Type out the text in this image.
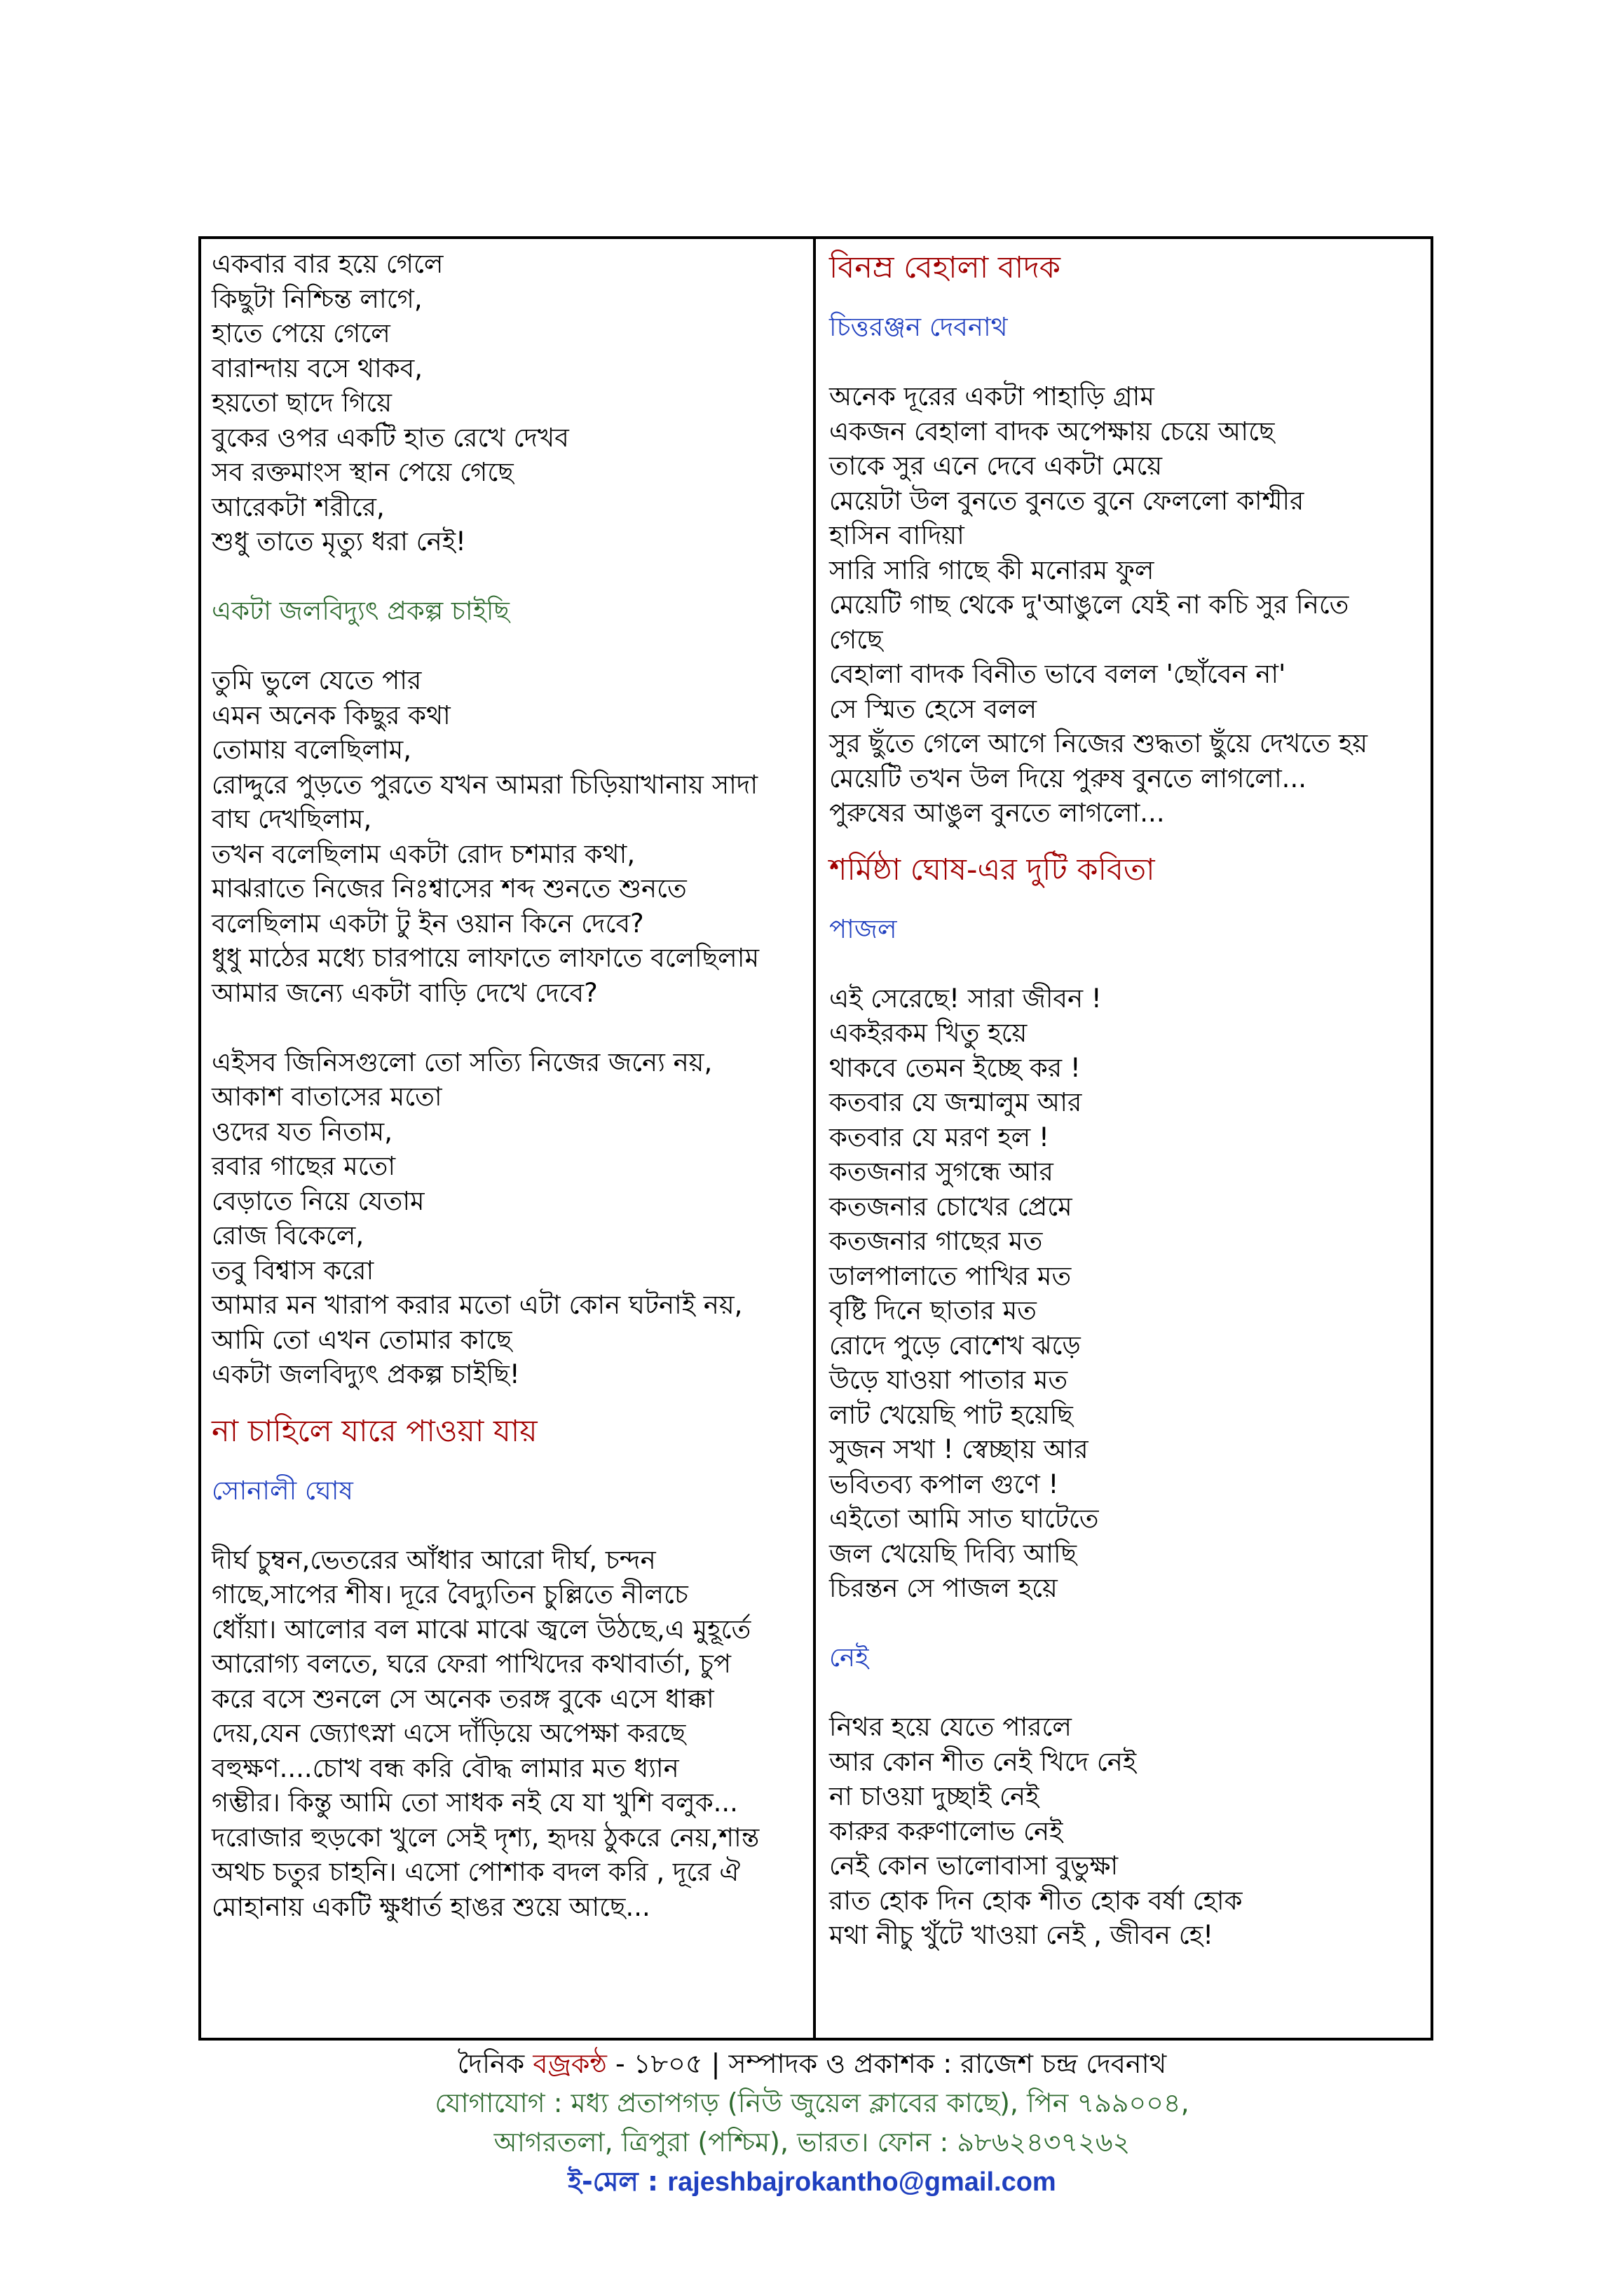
একবার বার হয়ে গেলে
কিছুটা নিশ্চিন্ত লাগে,
হাতে পেয়ে গেলে
বারান্দায় বসে থাকব,
হয়তো ছাদে গিয়ে
বুকের ওপর একটি হাত রেখে দেখব
সব রক্তমাংস স্থান পেয়ে গেছে
আরেকটা শরীরে,
শুধু তাতে মৃত্যু ধরা নেই!
একটা জলবিদ্যুৎ প্রকল্প চাইছি
তুমি ভুলে যেতে পার
এমন অনেক কিছুর কথা
তোমায় বলেছিলাম,
রোদ্দুরে পুড়তে পুরতে যখন আমরা চিড়িয়াখানায় সাদা
বাঘ দেখছিলাম,
তখন বলেছিলাম একটা রোদ চশমার কথা,
মাঝরাতে নিজের নিঃশ্বাসের শব্দ শুনতে শুনতে
বলেছিলাম একটা টু ইন ওয়ান কিনে দেবে?
ধুধু মাঠের মধ্যে চারপায়ে লাফাতে লাফাতে বলেছিলাম
আমার জন্যে একটা বাড়ি দেখে দেবে?
এইসব জিনিসগুলো তো সত্যি নিজের জন্যে নয়,
আকাশ বাতাসের মতো
ওদের যত নিতাম,
রবার গাছের মতো
বেড়াতে নিয়ে যেতাম
রোজ বিকেলে,
তবু বিশ্বাস করো
আমার মন খারাপ করার মতো এটা কোন ঘটনাই নয়,
আমি তো এখন তোমার কাছে
একটা জলবিদ্যুৎ প্রকল্প চাইছি!
না চাহিলে যারে পাওয়া যায়
সোনালী ঘোষ
দীর্ঘ চুম্বন,ভেতরের আঁধার আরো দীর্ঘ, চন্দন
গাছে,সাপের শীষ। দূরে বৈদ্যুতিন চুল্লিতে নীলচে
ধোঁয়া। আলোর বল মাঝে মাঝে জ্বলে উঠছে,এ মুহূর্তে
আরোগ্য বলতে, ঘরে ফেরা পাখিদের কথাবার্তা, চুপ
করে বসে শুনলে সে অনেক তরঙ্গ বুকে এসে ধাক্কা
দেয়,যেন জ্যোৎস্না এসে দাঁড়িয়ে অপেক্ষা করছে
বহুক্ষণ....চোখ বন্ধ করি বৌদ্ধ লামার মত ধ্যান
গম্ভীর। কিন্তু আমি তো সাধক নই যে যা খুশি বলুক...
দরোজার হুড়কো খুলে সেই দৃশ্য, হৃদয় ঠুকরে নেয়,শান্ত
অথচ চতুর চাহনি। এসো পোশাক বদল করি , দূরে ঐ
মোহানায় একটি ক্ষুধার্ত হাঙর শুয়ে আছে...
বিনম্র বেহালা বাদক
চিত্তরঞ্জন দেবনাথ
অনেক দূরের একটা পাহাড়ি গ্রাম
একজন বেহালা বাদক অপেক্ষায় চেয়ে আছে
তাকে সুর এনে দেবে একটা মেয়ে
মেয়েটা উল বুনতে বুনতে বুনে ফেললো কাশ্মীর
হাসিন বাদিয়া
সারি সারি গাছে কী মনোরম ফুল
মেয়েটি গাছ থেকে দু'আঙুলে যেই না কচি সুর নিতে
গেছে
বেহালা বাদক বিনীত ভাবে বলল 'ছোঁবেন না'
সে স্মিত হেসে বলল
সুর ছুঁতে গেলে আগে নিজের শুদ্ধতা ছুঁয়ে দেখতে হয়
মেয়েটি তখন উল দিয়ে পুরুষ বুনতে লাগলো...
পুরুষের আঙুল বুনতে লাগলো...
শর্মিষ্ঠা ঘোষ-এর দুটি কবিতা
পাজল
এই সেরেছে! সারা জীবন !
একইরকম খিতু হয়ে
থাকবে তেমন ইচ্ছে কর !
কতবার যে জন্মালুম আর
কতবার যে মরণ হল !
কতজনার সুগন্ধে আর
কতজনার চোখের প্রেমে
কতজনার গাছের মত
ডালপালাতে পাখির মত
বৃষ্টি দিনে ছাতার মত
রোদে পুড়ে বোশেখ ঝড়ে
উড়ে যাওয়া পাতার মত
লাট খেয়েছি পাট হয়েছি
সুজন সখা ! স্বেচ্ছায় আর
ভবিতব্য কপাল গুণে !
এইতো আমি সাত ঘাটেতে
জল খেয়েছি দিব্যি আছি
চিরন্তন সে পাজল হয়ে
নেই
নিথর হয়ে যেতে পারলে
আর কোন শীত নেই খিদে নেই
না চাওয়া দুচ্ছাই নেই
কারুর করুণালোভ নেই
নেই কোন ভালোবাসা বুভুক্ষা
রাত হোক দিন হোক শীত হোক বর্ষা হোক
মথা নীচু খুঁটে খাওয়া নেই , জীবন হে!
দৈনিক বজ্রকন্ঠ - ১৮০৫ | সম্পাদক ও প্রকাশক : রাজেশ চন্দ্র দেবনাথ
যোগাযোগ : মধ্য প্রতাপগড় (নিউ জুয়েল ক্লাবের কাছে), পিন ৭৯৯০০৪,
আগরতলা, ত্রিপুরা (পশ্চিম), ভারত। ফোন : ৯৮৬২৪৩৭২৬২
ই-মেল : rajeshbajrokantho@gmail.com
